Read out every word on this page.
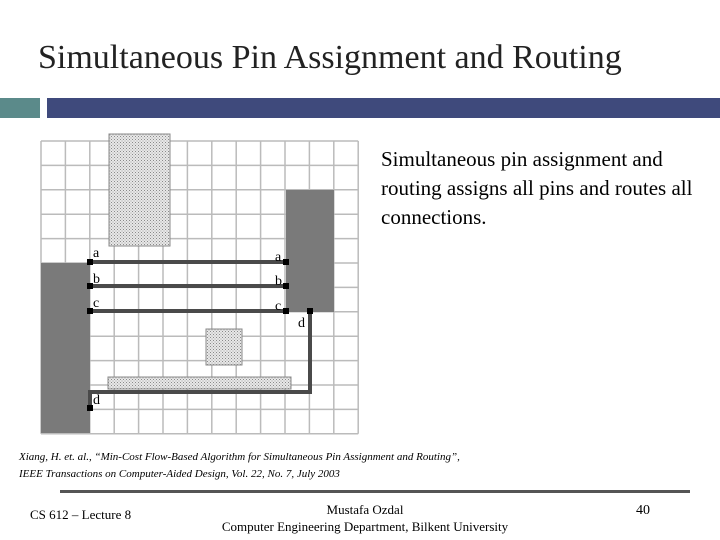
Simultaneous Pin Assignment and Routing
a
b
c
d
a
b
c
d
Simultaneous pin assignment and routing assigns all pins and routes all connections.
Xiang, H. et. al., “Min-Cost Flow-Based Algorithm for Simultaneous Pin Assignment and Routing”,
IEEE Transactions on Computer-Aided Design, Vol. 22, No. 7, July 2003
CS 612 – Lecture 8	Mustafa Ozdal
Computer Engineering Department, Bilkent University
40
